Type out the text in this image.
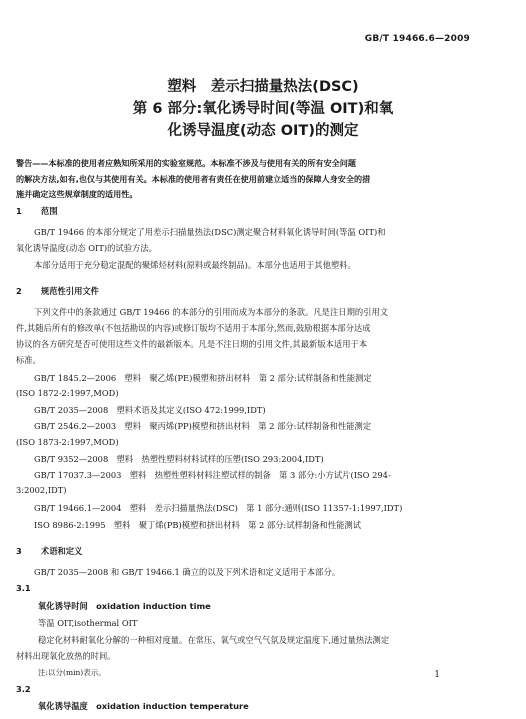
GB/T 19466.6—2009
塑料　差示扫描量热法(DSC)
第 6 部分:氧化诱导时间(等温 OIT)和氧
化诱导温度(动态 OIT)的测定
警告——本标准的使用者应熟知所采用的实验室规范。本标准不涉及与使用有关的所有安全问题
的解决方法,如有,也仅与其使用有关。本标准的使用者有责任在使用前建立适当的保障人身安全的措
施并确定这些规章制度的适用性。
1 范围
GB/T 19466 的本部分规定了用差示扫描量热法(DSC)测定聚合材料氧化诱导时间(等温 OIT)和
氧化诱导温度(动态 OIT)的试验方法。
本部分适用于充分稳定混配的聚烯烃材料(原料或最终制品)。本部分也适用于其他塑料。
2 规范性引用文件
下列文件中的条款通过 GB/T 19466 的本部分的引用而成为本部分的条款。凡是注日期的引用文
件,其随后所有的修改单(不包括勘误的内容)或修订版均不适用于本部分,然而,鼓励根据本部分达成
协议的各方研究是否可使用这些文件的最新版本。凡是不注日期的引用文件,其最新版本适用于本
标准。
GB/T 1845.2—2006　塑料　聚乙烯(PE)模塑和挤出材料　第 2 部分:试样制备和性能测定
(ISO 1872-2:1997,MOD)
GB/T 2035—2008　塑料术语及其定义(ISO 472:1999,IDT)
GB/T 2546.2—2003　塑料　聚丙烯(PP)模塑和挤出材料　第 2 部分:试样制备和性能测定
(ISO 1873-2:1997,MOD)
GB/T 9352—2008　塑料　热塑性塑料材料试样的压塑(ISO 293:2004,IDT)
GB/T 17037.3—2003　塑料　热塑性塑料材料注塑试样的制备　第 3 部分:小方试片(ISO 294-
3:2002,IDT)
GB/T 19466.1—2004　塑料　差示扫描量热法(DSC)　第 1 部分:通则(ISO 11357-1:1997,IDT)
ISO 8986-2:1995　塑料　聚丁烯(PB)模塑和挤出材料　第 2 部分:试样制备和性能测试
3 术语和定义
GB/T 2035—2008 和 GB/T 19466.1 确立的以及下列术语和定义适用于本部分。
3.1
氧化诱导时间　oxidation induction time
等温 OIT,isothermal OIT
稳定化材料耐氧化分解的一种相对度量。在常压、氧气或空气气氛及规定温度下,通过量热法测定
材料出现氧化放热的时间。
注:以分(min)表示。
3.2
氧化诱导温度　oxidation induction temperature
1
